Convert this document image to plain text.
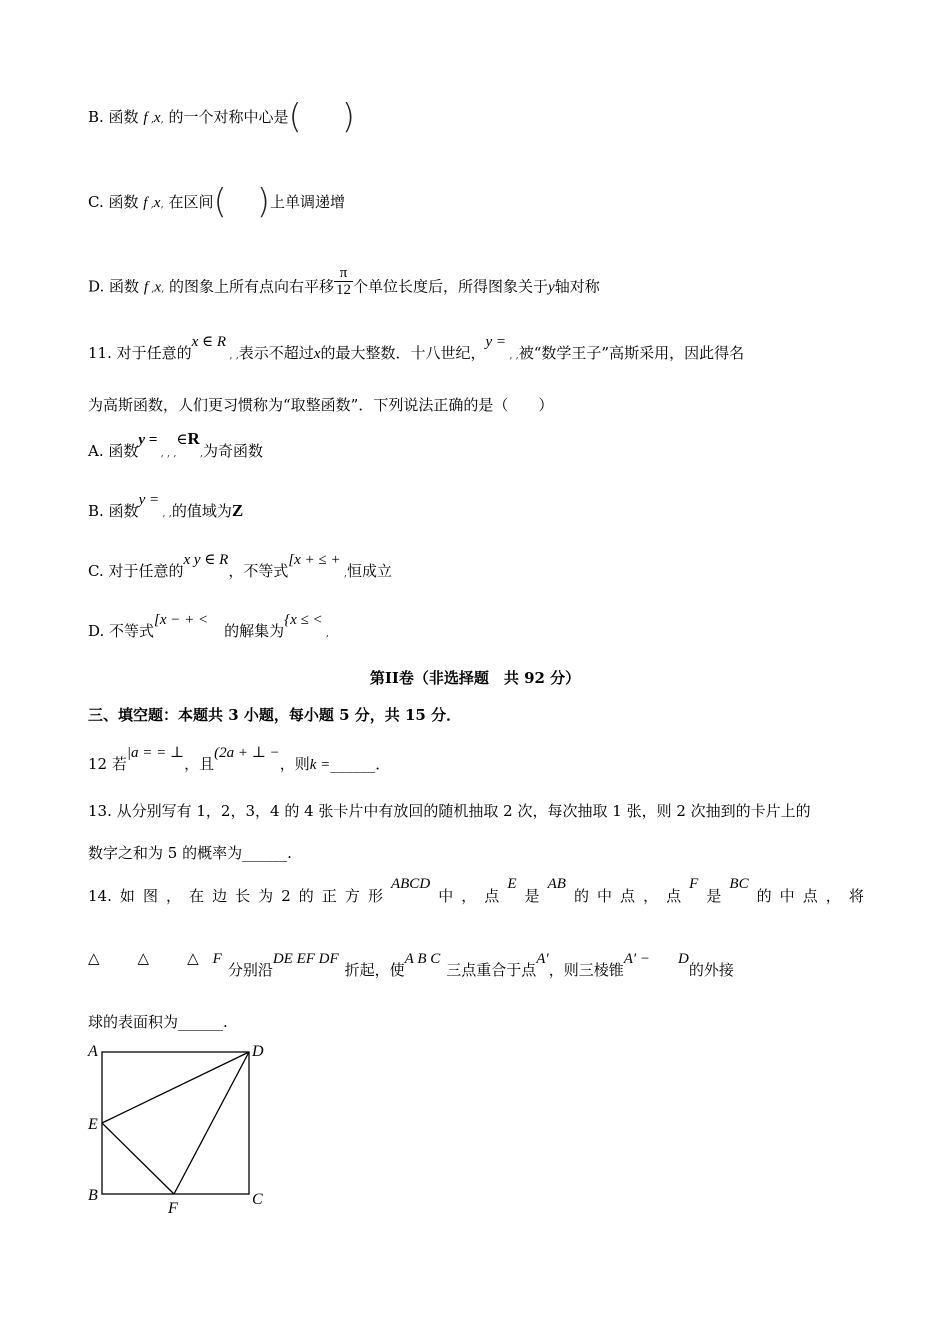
B. 函数 f ‚x‚ 的一个对称中心是( )
C. 函数 f ‚x‚ 在区间( )上单调递增
D. 函数 f ‚x‚ 的图象上所有点向右平移 $\frac{\pi}{12}$ 个单位长度后，所得图象关于y轴对称
11. 对于任意的x ∈ R ‚ ‚表示不超过x的最大整数．十八世纪，y = ‚ ‚被“数学王子”高斯采用，因此得名
为高斯函数，人们更习惯称为“取整函数”．下列说法正确的是（　　）
A. 函数y = ‚ ‚ ‚∈R,为奇函数
B. 函数y = ‚ ‚的值域为Z
C. 对于任意的x y ∈ R，不等式[x + ≤ + ‚恒成立
D. 不等式[x − + <的解集为{x ≤ < ,
第II卷（非选择题　共 92 分）
三、填空题：本题共 3 小题，每小题 5 分，共 15 分．
12 若|a = = ⊥，且(2a + ⊥ −，则k =______．
13. 从分别写有 1，2，3，4 的 4 张卡片中有放回的随机抽取 2 次，每次抽取 1 张，则 2 次抽到的卡片上的
数字之和为 5 的概率为______.
14. 如 图 ， 在 边 长 为 2 的 正 方 形
ABCD
中 ， 点
E
是
AB
的 中 点 ， 点
F
是
BC
的 中 点 ， 将
△	△	△ F分别沿DE EF DF折起，使A B C三点重合于点A′，则三棱锥A′ − D的外接
球的表面积为______.
A	D
E
B	C
F
